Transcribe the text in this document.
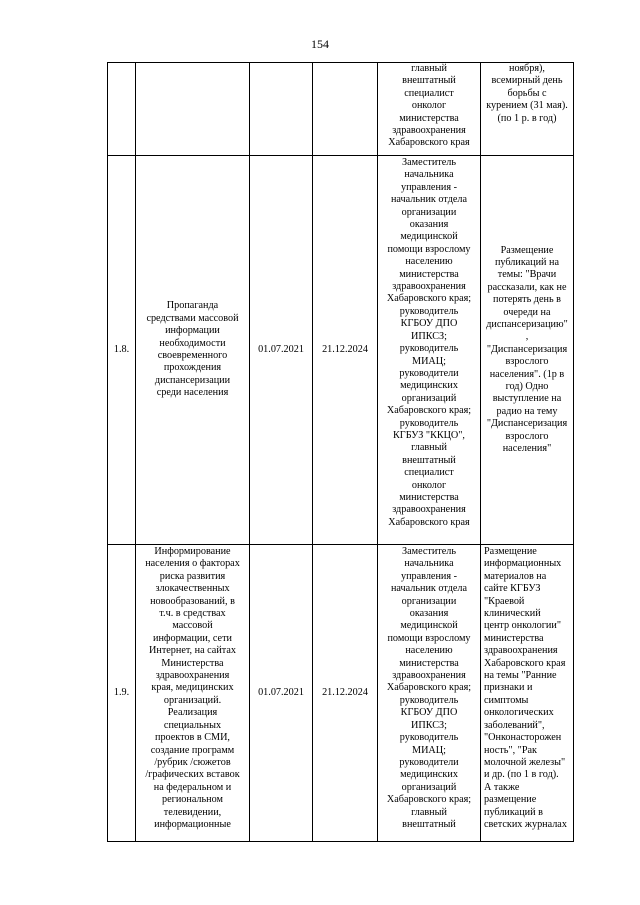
154
главный
внештатный
специалист
онколог
министерства
здравоохранения
Хабаровского края
ноября),
всемирный день
борьбы с
курением (31 мая).
(по 1 р. в год)
1.8.
Пропаганда
средствами массовой
информации
необходимости
своевременного
прохождения
диспансеризации
среди населения
01.07.2021 21.12.2024
Заместитель
начальника
управления -
начальник отдела
организации
оказания
медицинской
помощи взрослому
населению
министерства
здравоохранения
Хабаровского края;
руководитель
КГБОУ ДПО
ИПКСЗ;
руководитель
МИАЦ;
руководители
медицинских
организаций
Хабаровского края;
руководитель
КГБУЗ "ККЦО",
главный
внештатный
специалист
онколог
министерства
здравоохранения
Хабаровского края
Размещение
публикаций на
темы: "Врачи
рассказали, как не
потерять день в
очереди на
диспансеризацию"
,
"Диспансеризация
взрослого
населения". (1р в
год) Одно
выступление на
радио на тему
"Диспансеризация
взрослого
населения"
1.9.
Информирование
населения о факторах
риска развития
злокачественных
новообразований, в
т.ч. в средствах
массовой
информации, сети
Интернет, на сайтах
Министерства
здравоохранения
края, медицинских
организаций.
Реализация
специальных
проектов в СМИ,
создание программ
/рубрик /сюжетов
/графических вставок
на федеральном и
региональном
телевидении,
информационные
01.07.2021 21.12.2024
Заместитель
начальника
управления -
начальник отдела
организации
оказания
медицинской
помощи взрослому
населению
министерства
здравоохранения
Хабаровского края;
руководитель
КГБОУ ДПО
ИПКСЗ;
руководитель
МИАЦ;
руководители
медицинских
организаций
Хабаровского края;
главный
внештатный
Размещение
информационных
материалов на
сайте КГБУЗ
"Краевой
клинический
центр онкологии"
министерства
здравоохранения
Хабаровского края
на темы "Ранние
признаки и
симптомы
онкологических
заболеваний",
"Онконасторожен
ность", "Рак
молочной железы"
и др. (по 1 в год).
А также
размещение
публикаций в
светских журналах
